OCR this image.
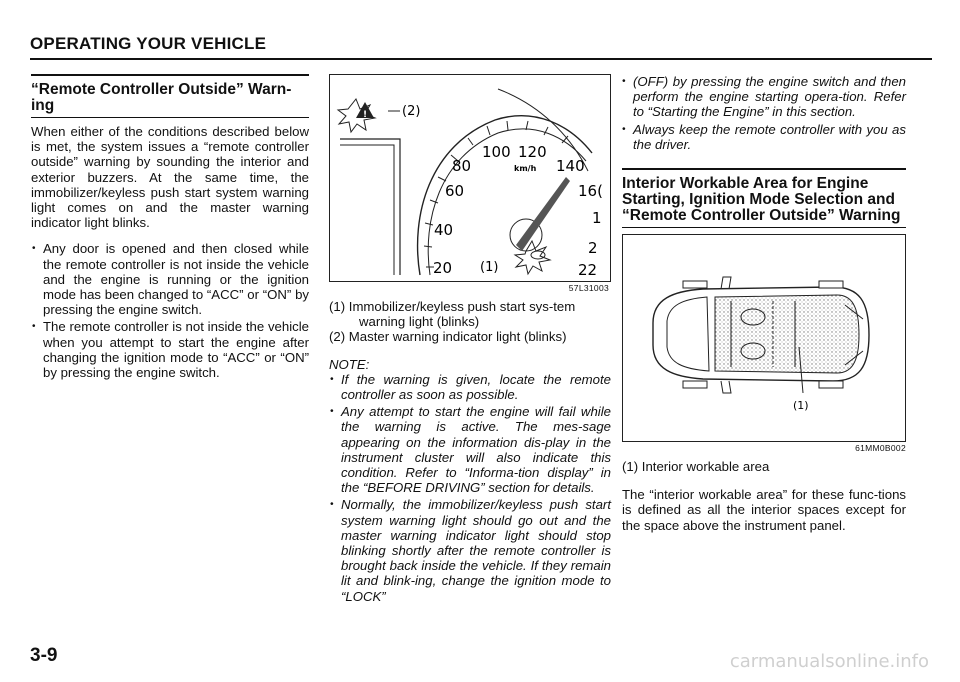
OPERATING YOUR VEHICLE
“Remote Controller Outside” Warn-ing

When either of the conditions described below is met, the system issues a “remote controller outside” warning by sounding the interior and exterior buzzers. At the same time, the immobilizer/keyless push start system warning light comes on and the master warning indicator light blinks.

• Any door is opened and then closed while the remote controller is not inside the vehicle and the engine is running or the ignition mode has been changed to “ACC” or “ON” by pressing the engine switch.
• The remote controller is not inside the vehicle when you attempt to start the engine after changing the ignition mode to “ACC” or “ON” by pressing the engine switch.
!
20
40
60
80
100 120
140
16(
1
2
22
km/h
(2)
(1)
57L31003
(1) Immobilizer/keyless push start sys-tem warning light (blinks)
(2) Master warning indicator light (blinks)
NOTE:
• If the warning is given, locate the remote controller as soon as possible.
• Any attempt to start the engine will fail while the warning is active. The mes-sage appearing on the information dis-play in the instrument cluster will also indicate this condition. Refer to “Informa-tion display” in the “BEFORE DRIVING” section for details.
• Normally, the immobilizer/keyless push start system warning light should go out and the master warning indicator light should stop blinking shortly after the remote controller is brought back inside the vehicle. If they remain lit and blink-ing, change the ignition mode to “LOCK”
• (OFF) by pressing the engine switch and then perform the engine starting opera-tion. Refer to “Starting the Engine” in this section.
• Always keep the remote controller with you as the driver.
Interior Workable Area for Engine Starting, Ignition Mode Selection and “Remote Controller Outside” Warning
(1)
61MM0B002
(1) Interior workable area

The “interior workable area” for these func-tions is defined as all the interior spaces except for the space above the instrument panel.

3-9	carmanualsonline.info
